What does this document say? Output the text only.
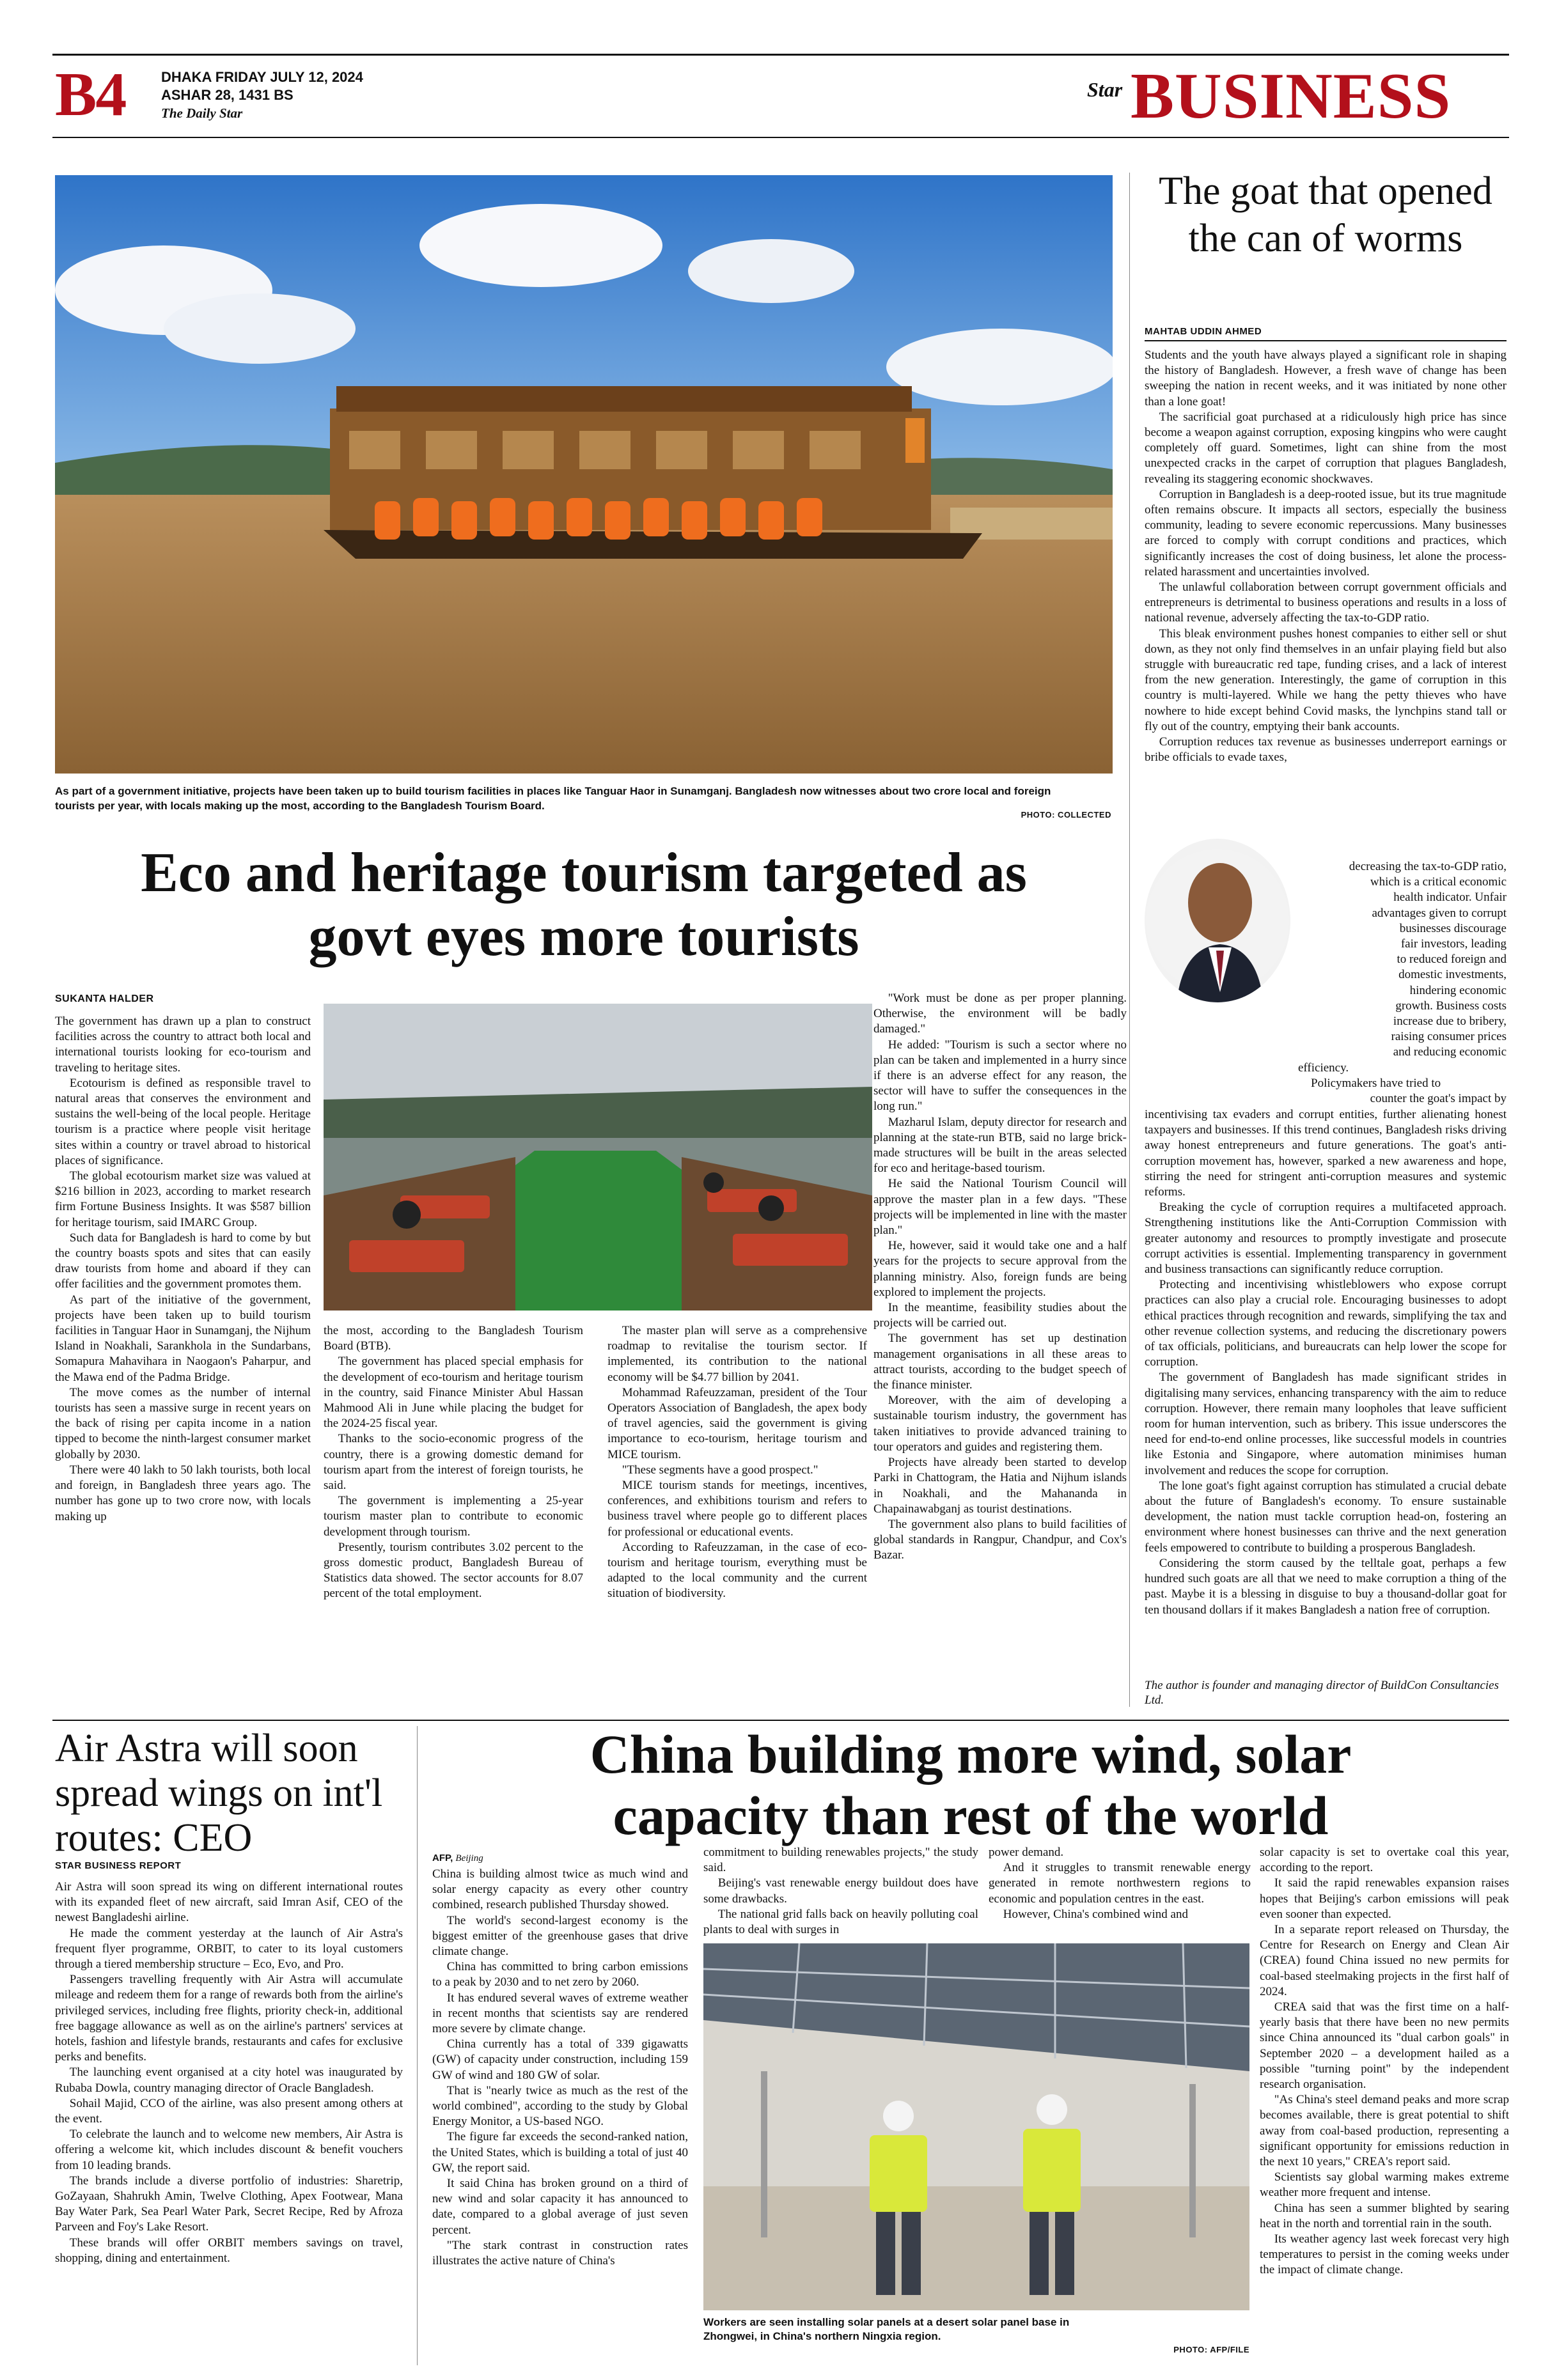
B4	DHAKA FRIDAY JULY 12, 2024
ASHAR 28, 1431 BS
The Daily Star
Star BUSINESS
As part of a government initiative, projects have been taken up to build tourism facilities in places like Tanguar Haor in Sunamganj. Bangladesh now witnesses about two crore local and foreign tourists per year, with locals making up the most, according to the Bangladesh Tourism Board.
PHOTO: COLLECTED
Eco and heritage tourism targeted as govt eyes more tourists
SUKANTA HALDER

The government has drawn up a plan to construct facilities across the country to attract both local and international tourists looking for eco-tourism and traveling to heritage sites.

Ecotourism is defined as responsible travel to natural areas that conserves the environment and sustains the well-being of the local people. Heritage tourism is a practice where people visit heritage sites within a country or travel abroad to historical places of significance.

The global ecotourism market size was valued at $216 billion in 2023, according to market research firm Fortune Business Insights. It was $587 billion for heritage tourism, said IMARC Group.

Such data for Bangladesh is hard to come by but the country boasts spots and sites that can easily draw tourists from home and aboard if they can offer facilities and the government promotes them.

As part of the initiative of the government, projects have been taken up to build tourism facilities in Tanguar Haor in Sunamganj, the Nijhum Island in Noakhali, Sarankhola in the Sundarbans, Somapura Mahavihara in Naogaon's Paharpur, and the Mawa end of the Padma Bridge.

The move comes as the number of internal tourists has seen a massive surge in recent years on the back of rising per capita income in a nation tipped to become the ninth-largest consumer market globally by 2030.

There were 40 lakh to 50 lakh tourists, both local and foreign, in Bangladesh three years ago. The number has gone up to two crore now, with locals making up

the most, according to the Bangladesh Tourism Board (BTB).

The government has placed special emphasis for the development of eco-tourism and heritage tourism in the country, said Finance Minister Abul Hassan Mahmood Ali in June while placing the budget for the 2024-25 fiscal year.

Thanks to the socio-economic progress of the country, there is a growing domestic demand for tourism apart from the interest of foreign tourists, he said.

The government is implementing a 25-year tourism master plan to contribute to economic development through tourism.

Presently, tourism contributes 3.02 percent to the gross domestic product, Bangladesh Bureau of Statistics data showed. The sector accounts for 8.07 percent of the total employment.

The master plan will serve as a comprehensive roadmap to revitalise the tourism sector. If implemented, its contribution to the national economy will be $4.77 billion by 2041.

Mohammad Rafeuzzaman, president of the Tour Operators Association of Bangladesh, the apex body of travel agencies, said the government is giving importance to eco-tourism, heritage tourism and MICE tourism.

"These segments have a good prospect."

MICE tourism stands for meetings, incentives, conferences, and exhibitions tourism and refers to business travel where people go to different places for professional or educational events.

According to Rafeuzzaman, in the case of eco-tourism and heritage tourism, everything must be adapted to the local community and the current situation of biodiversity.

"Work must be done as per proper planning. Otherwise, the environment will be badly damaged."

He added: "Tourism is such a sector where no plan can be taken and implemented in a hurry since if there is an adverse effect for any reason, the sector will have to suffer the consequences in the long run."

Mazharul Islam, deputy director for research and planning at the state-run BTB, said no large brick-made structures will be built in the areas selected for eco and heritage-based tourism.

He said the National Tourism Council will approve the master plan in a few days. "These projects will be implemented in line with the master plan."

He, however, said it would take one and a half years for the projects to secure approval from the planning ministry. Also, foreign funds are being explored to implement the projects.

In the meantime, feasibility studies about the projects will be carried out.

The government has set up destination management organisations in all these areas to attract tourists, according to the budget speech of the finance minister.

Moreover, with the aim of developing a sustainable tourism industry, the government has taken initiatives to provide advanced training to tour operators and guides and registering them.

Projects have already been started to develop Parki in Chattogram, the Hatia and Nijhum islands in Noakhali, and the Mahananda in Chapainawabganj as tourist destinations.

The government also plans to build facilities of global standards in Rangpur, Chandpur, and Cox's Bazar.

The goat that opened the can of worms
MAHTAB UDDIN AHMED

Students and the youth have always played a significant role in shaping the history of Bangladesh. However, a fresh wave of change has been sweeping the nation in recent weeks, and it was initiated by none other than a lone goat!

The sacrificial goat purchased at a ridiculously high price has since become a weapon against corruption, exposing kingpins who were caught completely off guard. Sometimes, light can shine from the most unexpected cracks in the carpet of corruption that plagues Bangladesh, revealing its staggering economic shockwaves.

Corruption in Bangladesh is a deep-rooted issue, but its true magnitude often remains obscure. It impacts all sectors, especially the business community, leading to severe economic repercussions. Many businesses are forced to comply with corrupt conditions and practices, which significantly increases the cost of doing business, let alone the process-related harassment and uncertainties involved.

The unlawful collaboration between corrupt government officials and entrepreneurs is detrimental to business operations and results in a loss of national revenue, adversely affecting the tax-to-GDP ratio.

This bleak environment pushes honest companies to either sell or shut down, as they not only find themselves in an unfair playing field but also struggle with bureaucratic red tape, funding crises, and a lack of interest from the new generation. Interestingly, the game of corruption in this country is multi-layered. While we hang the petty thieves who have nowhere to hide except behind Covid masks, the lynchpins stand tall or fly out of the country, emptying their bank accounts.

Corruption reduces tax revenue as businesses underreport earnings or bribe officials to evade taxes,

decreasing the tax-to-GDP ratio,
which is a critical economic
health indicator. Unfair
advantages given to corrupt
businesses discourage
fair investors, leading
to reduced foreign and
domestic investments,
hindering economic
growth. Business costs
increase due to bribery,
raising consumer prices
and reducing economic
efficiency.
Policymakers have tried to
counter the goat's impact by

incentivising tax evaders and corrupt entities, further alienating honest taxpayers and businesses. If this trend continues, Bangladesh risks driving away honest entrepreneurs and future generations. The goat's anti-corruption movement has, however, sparked a new awareness and hope, stirring the need for stringent anti-corruption measures and systemic reforms.

Breaking the cycle of corruption requires a multifaceted approach. Strengthening institutions like the Anti-Corruption Commission with greater autonomy and resources to promptly investigate and prosecute corrupt activities is essential. Implementing transparency in government and business transactions can significantly reduce corruption.

Protecting and incentivising whistleblowers who expose corrupt practices can also play a crucial role. Encouraging businesses to adopt ethical practices through recognition and rewards, simplifying the tax and other revenue collection systems, and reducing the discretionary powers of tax officials, politicians, and bureaucrats can help lower the scope for corruption.

The government of Bangladesh has made significant strides in digitalising many services, enhancing transparency with the aim to reduce corruption. However, there remain many loopholes that leave sufficient room for human intervention, such as bribery. This issue underscores the need for end-to-end online processes, like successful models in countries like Estonia and Singapore, where automation minimises human involvement and reduces the scope for corruption.

The lone goat's fight against corruption has stimulated a crucial debate about the future of Bangladesh's economy. To ensure sustainable development, the nation must tackle corruption head-on, fostering an environment where honest businesses can thrive and the next generation feels empowered to contribute to building a prosperous Bangladesh.

Considering the storm caused by the telltale goat, perhaps a few hundred such goats are all that we need to make corruption a thing of the past. Maybe it is a blessing in disguise to buy a thousand-dollar goat for ten thousand dollars if it makes Bangladesh a nation free of corruption.

The author is founder and managing director of BuildCon Consultancies Ltd.
Air Astra will soon spread wings on int'l routes: CEO
STAR BUSINESS REPORT

Air Astra will soon spread its wing on different international routes with its expanded fleet of new aircraft, said Imran Asif, CEO of the newest Bangladeshi airline.

He made the comment yesterday at the launch of Air Astra's frequent flyer programme, ORBIT, to cater to its loyal customers through a tiered membership structure – Eco, Evo, and Pro.

Passengers travelling frequently with Air Astra will accumulate mileage and redeem them for a range of rewards both from the airline's privileged services, including free flights, priority check-in, additional free baggage allowance as well as on the airline's partners' services at hotels, fashion and lifestyle brands, restaurants and cafes for exclusive perks and benefits.

The launching event organised at a city hotel was inaugurated by Rubaba Dowla, country managing director of Oracle Bangladesh.

Sohail Majid, CCO of the airline, was also present among others at the event.

To celebrate the launch and to welcome new members, Air Astra is offering a welcome kit, which includes discount & benefit vouchers from 10 leading brands.

The brands include a diverse portfolio of industries: Sharetrip, GoZayaan, Shahrukh Amin, Twelve Clothing, Apex Footwear, Mana Bay Water Park, Sea Pearl Water Park, Secret Recipe, Red by Afroza Parveen and Foy's Lake Resort.

These brands will offer ORBIT members savings on travel, shopping, dining and entertainment.

China building more wind, solar capacity than rest of the world
AFP, Beijing

China is building almost twice as much wind and solar energy capacity as every other country combined, research published Thursday showed.

The world's second-largest economy is the biggest emitter of the greenhouse gases that drive climate change.

China has committed to bring carbon emissions to a peak by 2030 and to net zero by 2060.

It has endured several waves of extreme weather in recent months that scientists say are rendered more severe by climate change.

China currently has a total of 339 gigawatts (GW) of capacity under construction, including 159 GW of wind and 180 GW of solar.

That is "nearly twice as much as the rest of the world combined", according to the study by Global Energy Monitor, a US-based NGO.

The figure far exceeds the second-ranked nation, the United States, which is building a total of just 40 GW, the report said.

It said China has broken ground on a third of new wind and solar capacity it has announced to date, compared to a global average of just seven percent.

"The stark contrast in construction rates illustrates the active nature of China's

commitment to building renewables projects," the study said.

Beijing's vast renewable energy buildout does have some drawbacks.

The national grid falls back on heavily polluting coal plants to deal with surges in

power demand.

And it struggles to transmit renewable energy generated in remote northwestern regions to economic and population centres in the east.

However, China's combined wind and

Workers are seen installing solar panels at a desert solar panel base in Zhongwei, in China's northern Ningxia region.
PHOTO: AFP/FILE

solar capacity is set to overtake coal this year, according to the report.

It said the rapid renewables expansion raises hopes that Beijing's carbon emissions will peak even sooner than expected.

In a separate report released on Thursday, the Centre for Research on Energy and Clean Air (CREA) found China issued no new permits for coal-based steelmaking projects in the first half of 2024.

CREA said that was the first time on a half-yearly basis that there have been no new permits since China announced its "dual carbon goals" in September 2020 – a development hailed as a possible "turning point" by the independent research organisation.

"As China's steel demand peaks and more scrap becomes available, there is great potential to shift away from coal-based production, representing a significant opportunity for emissions reduction in the next 10 years," CREA's report said.

Scientists say global warming makes extreme weather more frequent and intense.

China has seen a summer blighted by searing heat in the north and torrential rain in the south.

Its weather agency last week forecast very high temperatures to persist in the coming weeks under the impact of climate change.
